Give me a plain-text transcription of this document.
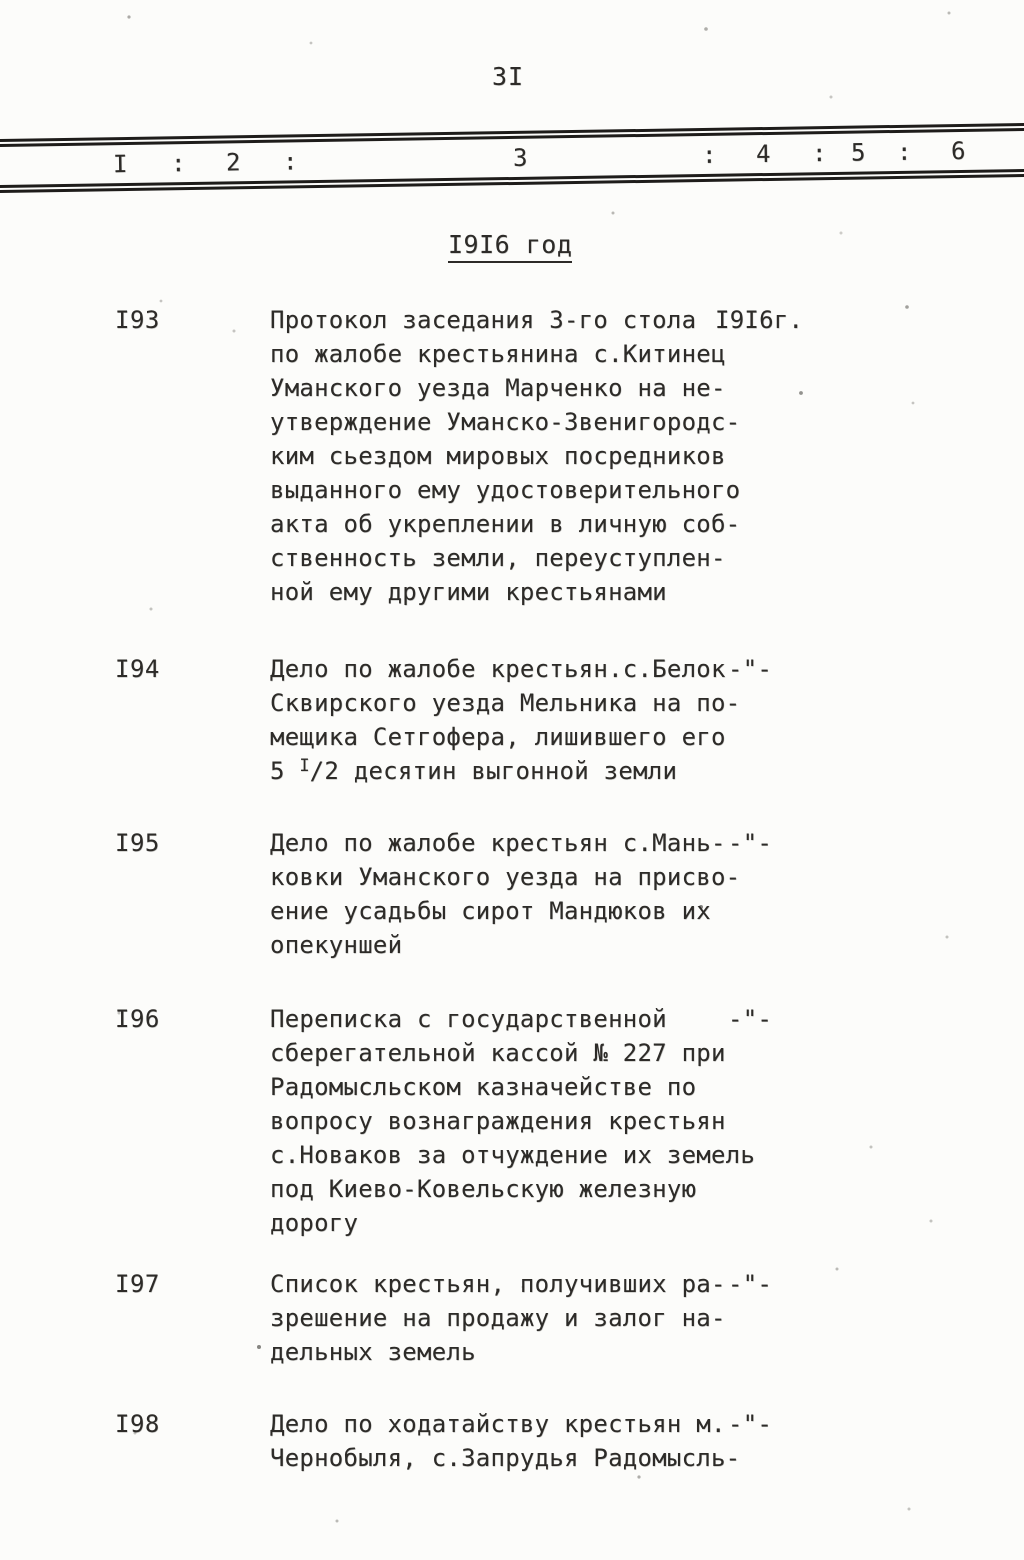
3I
I : 2 :	3	: 4 : 5 : 6
I9I6 год
I93	Протокол заседания 3-го стола
по жалобе крестьянина с.Китинец
Уманского уезда Марченко на не-
утверждение Уманско-Звенигородс-
ким сьездом мировых посредников
выданного ему удостоверительного
акта об укреплении в личную соб-
ственность земли, переуступлен-
ной ему другими крестьянами
I9I6г.
I94	Дело по жалобе крестьян.с.Белок
Сквирского уезда Мельника на по-
мещика Сетгофера, лишившего его
5 $^I$/2 десятин выгонной земли
-"-
I95	Дело по жалобе крестьян с.Мань-
ковки Уманского уезда на присво-
ение усадьбы сирот Мандюков их
опекуншей
-"-
I96	Переписка с государственной
сберегательной кассой № 227 при
Радомысльском казначействе по
вопросу вознаграждения крестьян
с.Новаков за отчуждение их земель
под Киево-Ковельскую железную
дорогу
-"-
I97	Список крестьян, получивших ра-
зрешение на продажу и залог на-
дельных земель
-"-
I98	Дело по ходатайству крестьян м.
Чернобыля, с.Запрудья Радомысль-
-"-
